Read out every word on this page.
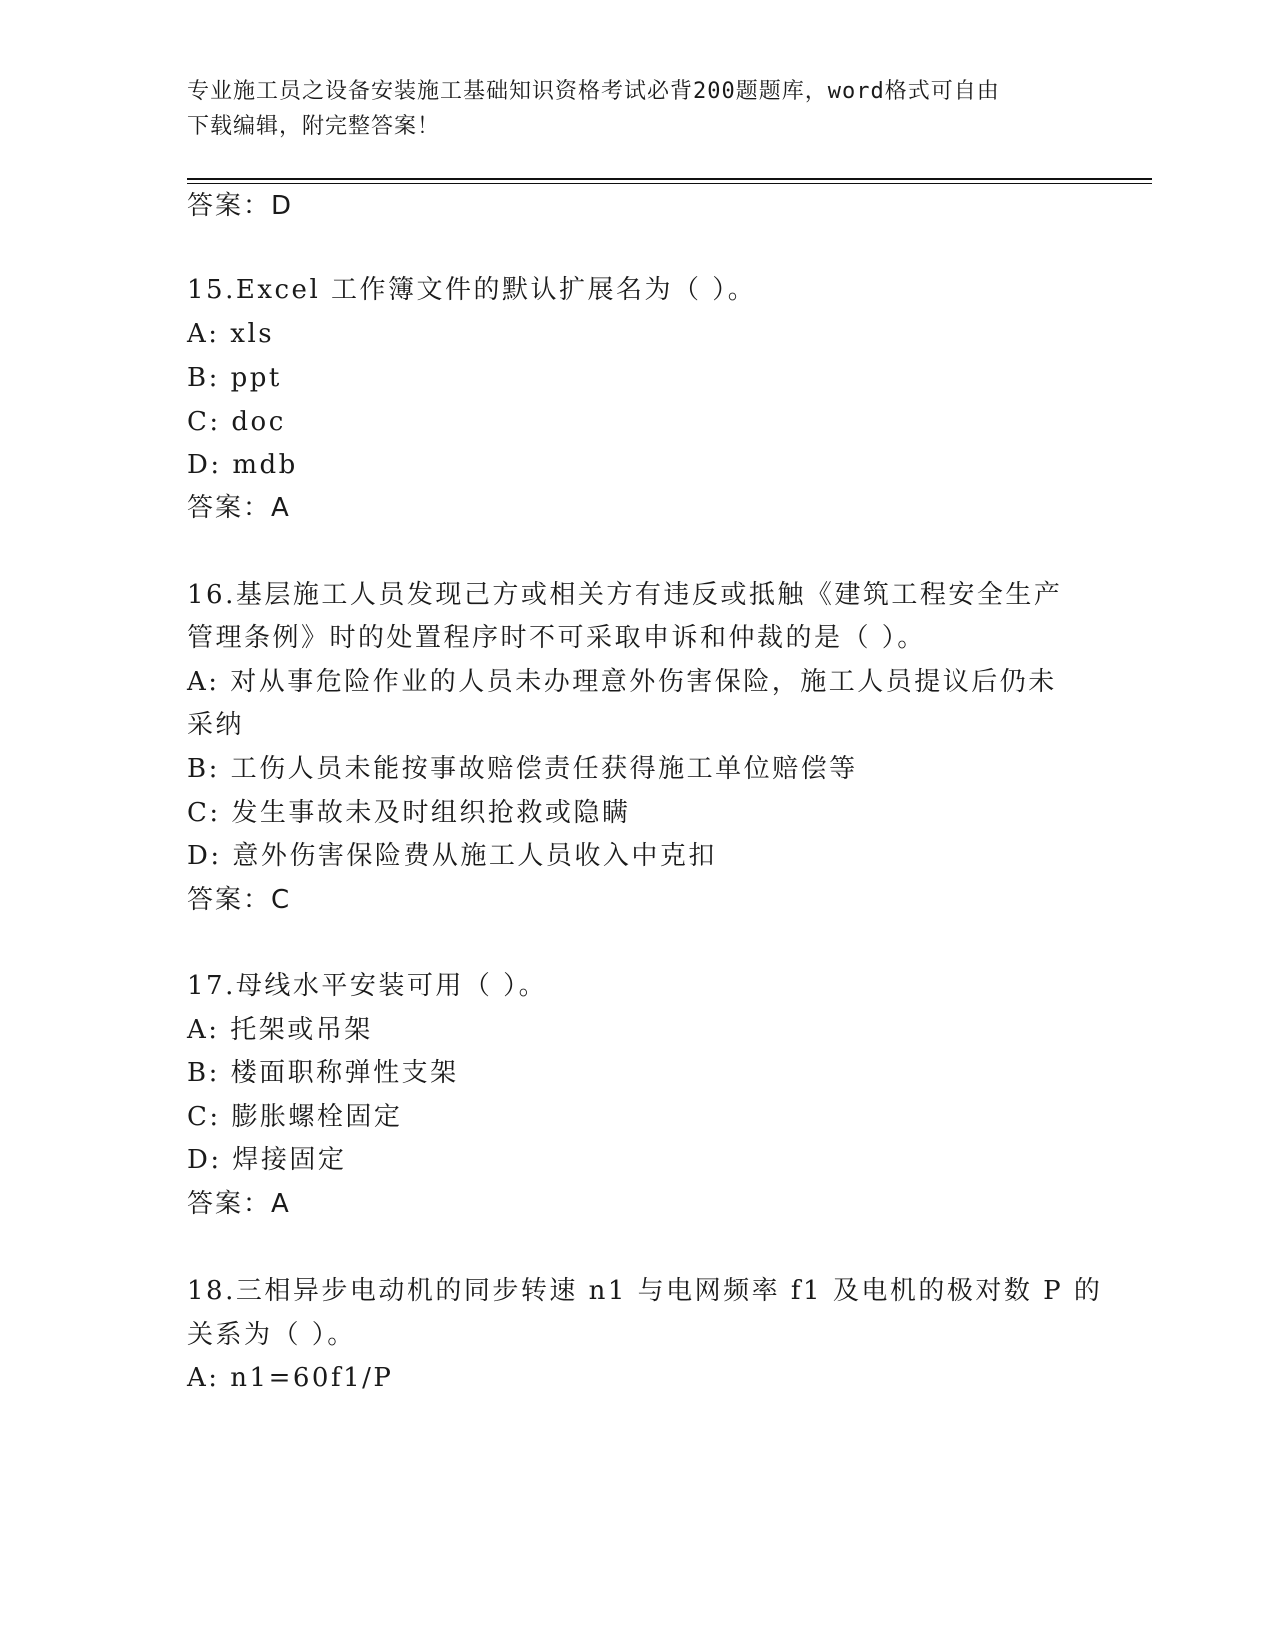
专业施工员之设备安装施工基础知识资格考试必背200题题库，word格式可自由
下载编辑，附完整答案！
答案：D
15.Excel 工作簿文件的默认扩展名为（ ）。
A: xls
B: ppt
C: doc
D: mdb
答案：A
16.基层施工人员发现己方或相关方有违反或抵触《建筑工程安全生产
管理条例》时的处置程序时不可采取申诉和仲裁的是（ ）。
A: 对从事危险作业的人员未办理意外伤害保险，施工人员提议后仍未
采纳
B: 工伤人员未能按事故赔偿责任获得施工单位赔偿等
C: 发生事故未及时组织抢救或隐瞒
D: 意外伤害保险费从施工人员收入中克扣
答案：C
17.母线水平安装可用（ ）。
A: 托架或吊架
B: 楼面职称弹性支架
C: 膨胀螺栓固定
D: 焊接固定
答案：A
18.三相异步电动机的同步转速 n1 与电网频率 f1 及电机的极对数 P 的
关系为（ ）。
A: n1=60f1/P
